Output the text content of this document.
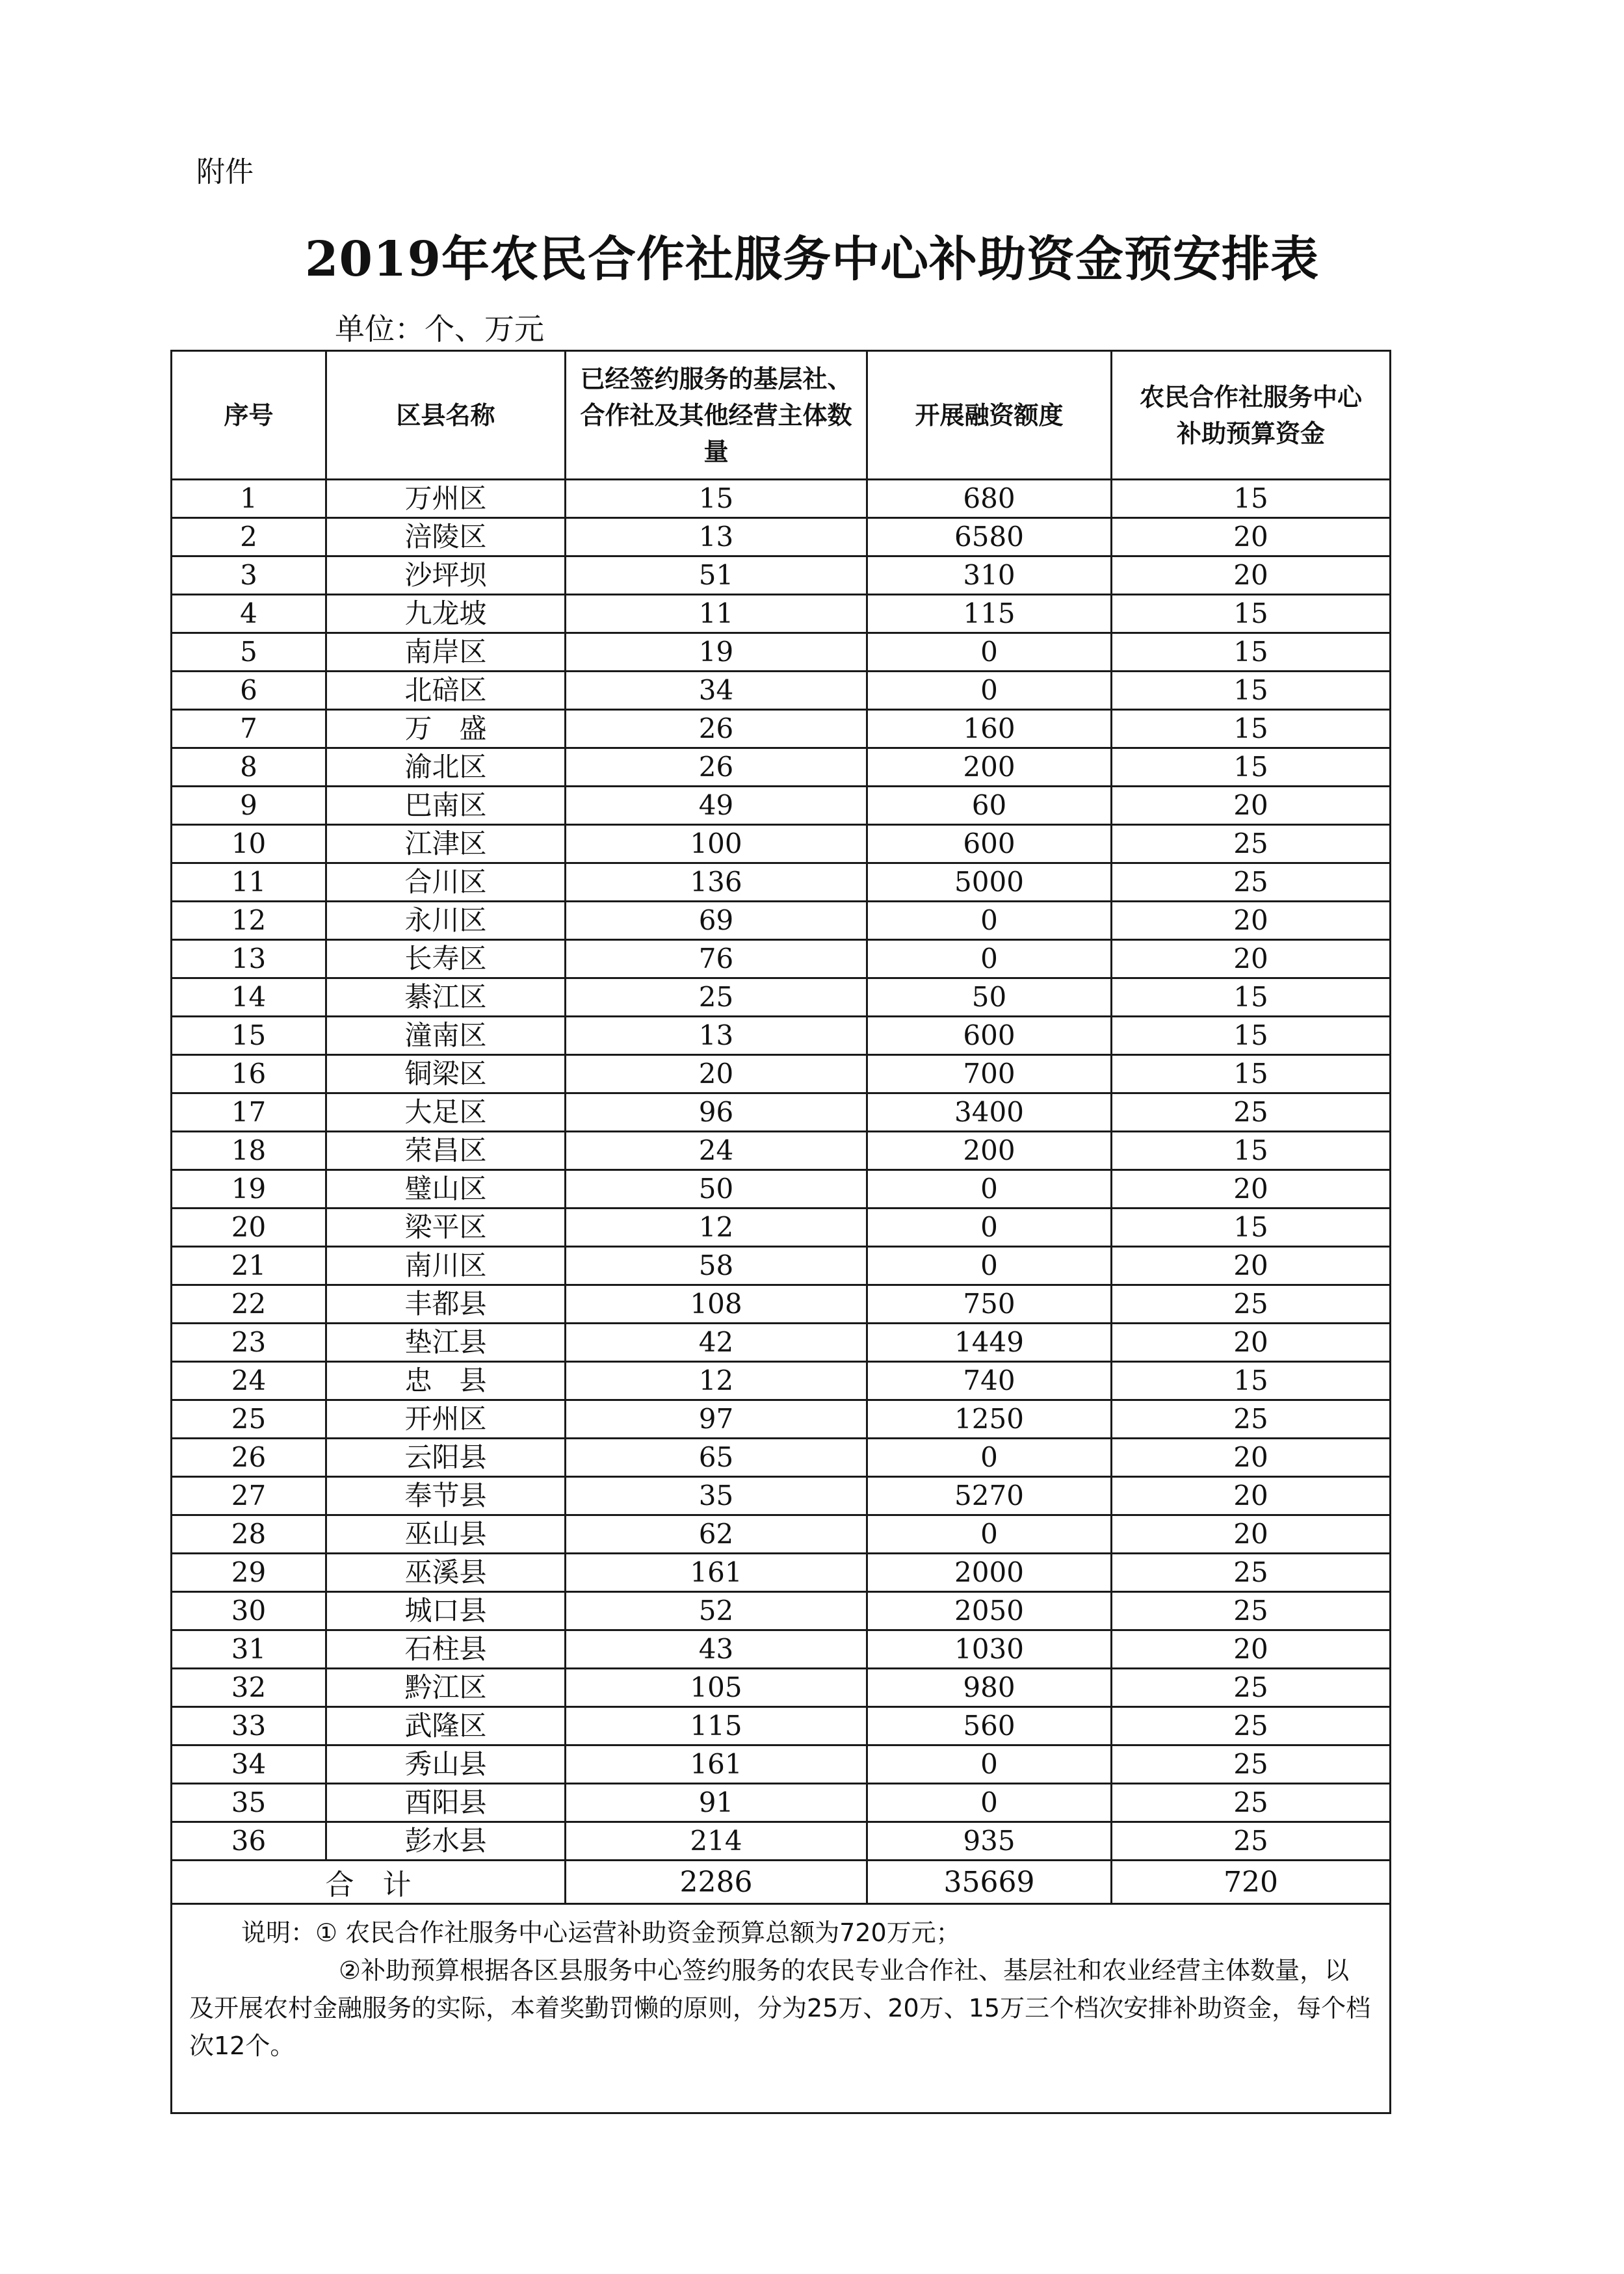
附件
2019年农民合作社服务中心补助资金预安排表
单位：个、万元
序号	区县名称	已经签约服务的基层社、合作社及其他经营主体数量	开展融资额度	农民合作社服务中心补助预算资金
1	万州区	15	680	15
2	涪陵区	13	6580	20
3	沙坪坝	51	310	20
4	九龙坡	11	115	15
5	南岸区	19	0	15
6	北碚区	34	0	15
7	万　盛	26	160	15
8	渝北区	26	200	15
9	巴南区	49	60	20
10	江津区	100	600	25
11	合川区	136	5000	25
12	永川区	69	0	20
13	长寿区	76	0	20
14	綦江区	25	50	15
15	潼南区	13	600	15
16	铜梁区	20	700	15
17	大足区	96	3400	25
18	荣昌区	24	200	15
19	璧山区	50	0	20
20	梁平区	12	0	15
21	南川区	58	0	20
22	丰都县	108	750	25
23	垫江县	42	1449	20
24	忠　县	12	740	15
25	开州区	97	1250	25
26	云阳县	65	0	20
27	奉节县	35	5270	20
28	巫山县	62	0	20
29	巫溪县	161	2000	25
30	城口县	52	2050	25
31	石柱县	43	1030	20
32	黔江区	105	980	25
33	武隆区	115	560	25
34	秀山县	161	0	25
35	酉阳县	91	0	25
36	彭水县	214	935	25
合　计		2286	35669	720

说明：① 农民合作社服务中心运营补助资金预算总额为720万元；
②补助预算根据各区县服务中心签约服务的农民专业合作社、基层社和农业经营主体数量，以及开展农村金融服务的实际，本着奖勤罚懒的原则，分为25万、20万、15万三个档次安排补助资金，每个档次12个。				
